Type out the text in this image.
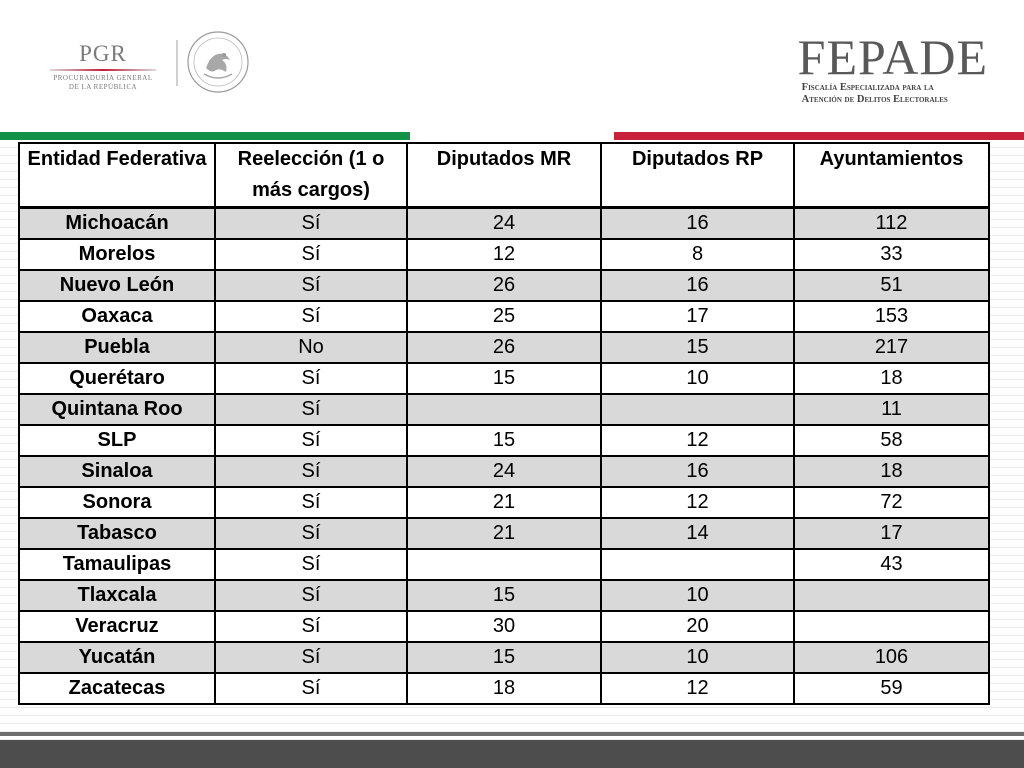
PGR
PROCURADURÍA GENERAL
DE LA REPÚBLICA
FEPADE
Fiscalía Especializada para la
Atención de Delitos Electorales
Entidad Federativa	Reelección (1 o más cargos)	Diputados MR	Diputados RP	Ayuntamientos
Michoacán	Sí	24	16	112
Morelos	Sí	12	8	33
Nuevo León	Sí	26	16	51
Oaxaca	Sí	25	17	153
Puebla	No	26	15	217
Querétaro	Sí	15	10	18
Quintana Roo	Sí			11
SLP	Sí	15	12	58
Sinaloa	Sí	24	16	18
Sonora	Sí	21	12	72
Tabasco	Sí	21	14	17
Tamaulipas	Sí			43
Tlaxcala	Sí	15	10	
Veracruz	Sí	30	20	
Yucatán	Sí	15	10	106
Zacatecas	Sí	18	12	59
